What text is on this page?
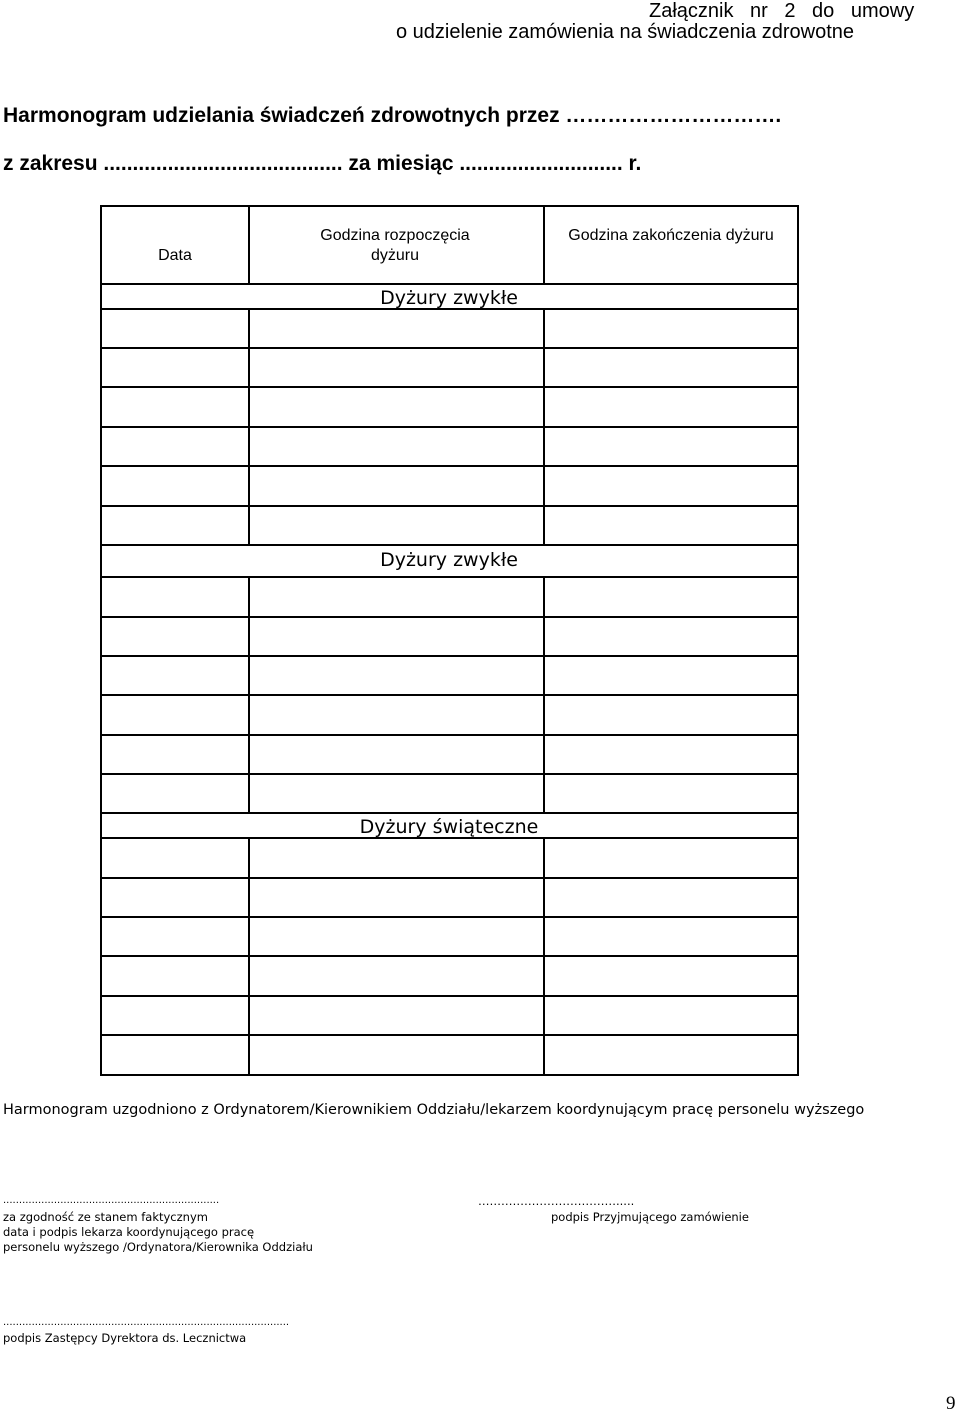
Załącznik nr 2 do umowy
o udzielenie zamówienia na świadczenia zdrowotne
Harmonogram udzielania świadczeń zdrowotnych przez ………………………….
z zakresu ......................................... za miesiąc ............................ r.
Data
Godzina rozpoczęcia dyżuru
Godzina zakończenia dyżuru
Dyżury zwykłe
Dyżury zwykłe
Dyżury świąteczne
Harmonogram uzgodniono z Ordynatorem/Kierownikiem Oddziału/lekarzem koordynującym pracę personelu wyższego
....................................................................
za zgodność ze stanem faktycznym
data i podpis lekarza koordynującego pracę
personelu wyższego /Ordynatora/Kierownika Oddziału
……………………………….....
podpis Przyjmującego zamówienie
..........................................................................................
podpis Zastępcy Dyrektora ds. Lecznictwa
9
